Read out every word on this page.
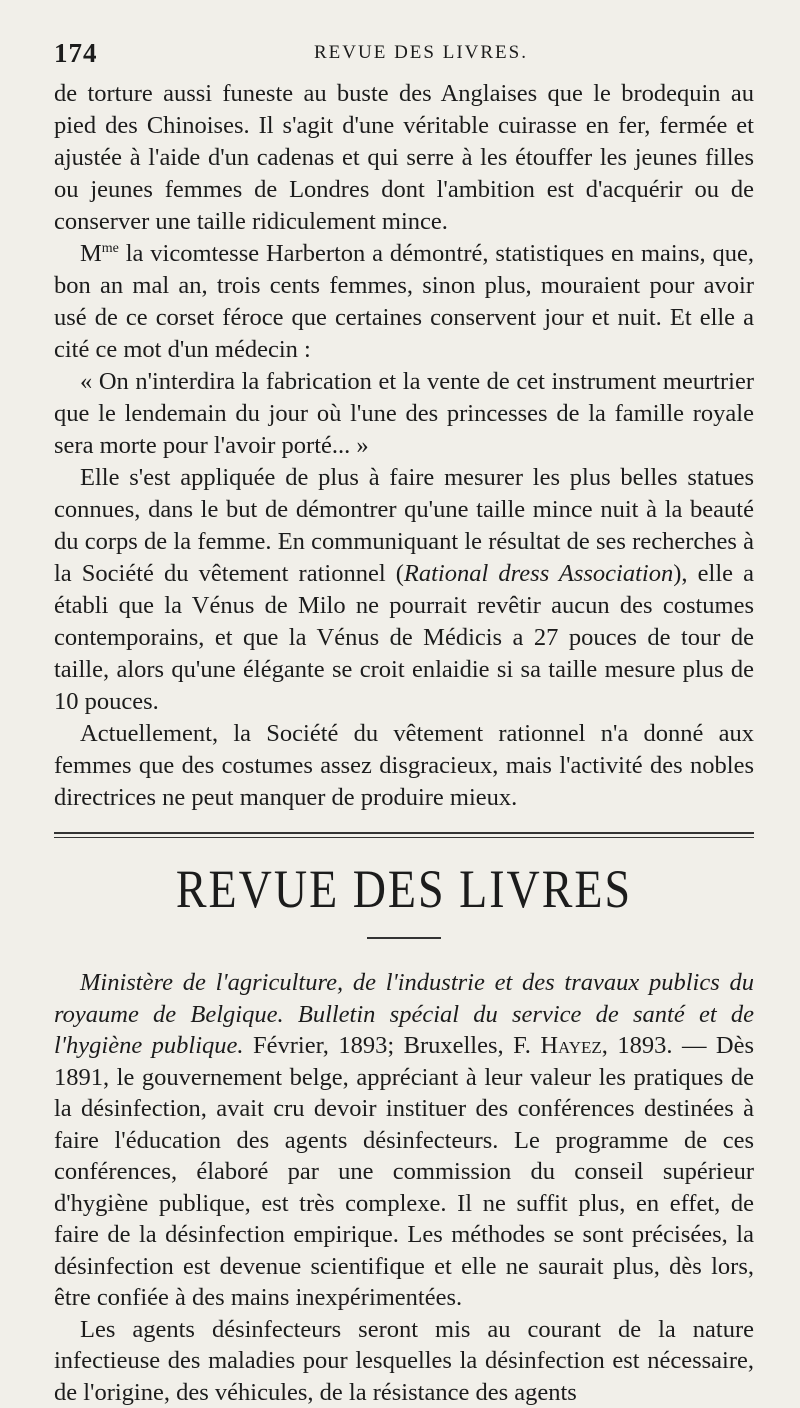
174	REVUE DES LIVRES.

de torture aussi funeste au buste des Anglaises que le brodequin au pied des Chinoises. Il s'agit d'une véritable cuirasse en fer, fermée et ajustée à l'aide d'un cadenas et qui serre à les étouffer les jeunes filles ou jeunes femmes de Londres dont l'ambition est d'acquérir ou de conserver une taille ridiculement mince.

$M^{me}$ la vicomtesse Harberton a démontré, statistiques en mains, que, bon an mal an, trois cents femmes, sinon plus, mouraient pour avoir usé de ce corset féroce que certaines conservent jour et nuit. Et elle a cité ce mot d'un médecin :

« On n'interdira la fabrication et la vente de cet instrument meurtrier que le lendemain du jour où l'une des princesses de la famille royale sera morte pour l'avoir porté... »

Elle s'est appliquée de plus à faire mesurer les plus belles statues connues, dans le but de démontrer qu'une taille mince nuit à la beauté du corps de la femme. En communiquant le résultat de ses recherches à la Société du vêtement rationnel (Rational dress Association), elle a établi que la Vénus de Milo ne pourrait revêtir aucun des costumes contemporains, et que la Vénus de Médicis a 27 pouces de tour de taille, alors qu'une élégante se croit enlaidie si sa taille mesure plus de 10 pouces.

Actuellement, la Société du vêtement rationnel n'a donné aux femmes que des costumes assez disgracieux, mais l'activité des nobles directrices ne peut manquer de produire mieux.

REVUE DES LIVRES

Ministère de l'agriculture, de l'industrie et des travaux publics du royaume de Belgique. Bulletin spécial du service de santé et de l'hygiène publique. Février, 1893; Bruxelles, F. Hayez, 1893. — Dès 1891, le gouvernement belge, appréciant à leur valeur les pratiques de la désinfection, avait cru devoir instituer des conférences destinées à faire l'éducation des agents désinfecteurs. Le programme de ces conférences, élaboré par une commission du conseil supérieur d'hygiène publique, est très complexe. Il ne suffit plus, en effet, de faire de la désinfection empirique. Les méthodes se sont précisées, la désinfection est devenue scientifique et elle ne saurait plus, dès lors, être confiée à des mains inexpérimentées.

Les agents désinfecteurs seront mis au courant de la nature infectieuse des maladies pour lesquelles la désinfection est nécessaire, de l'origine, des véhicules, de la résistance des agents
